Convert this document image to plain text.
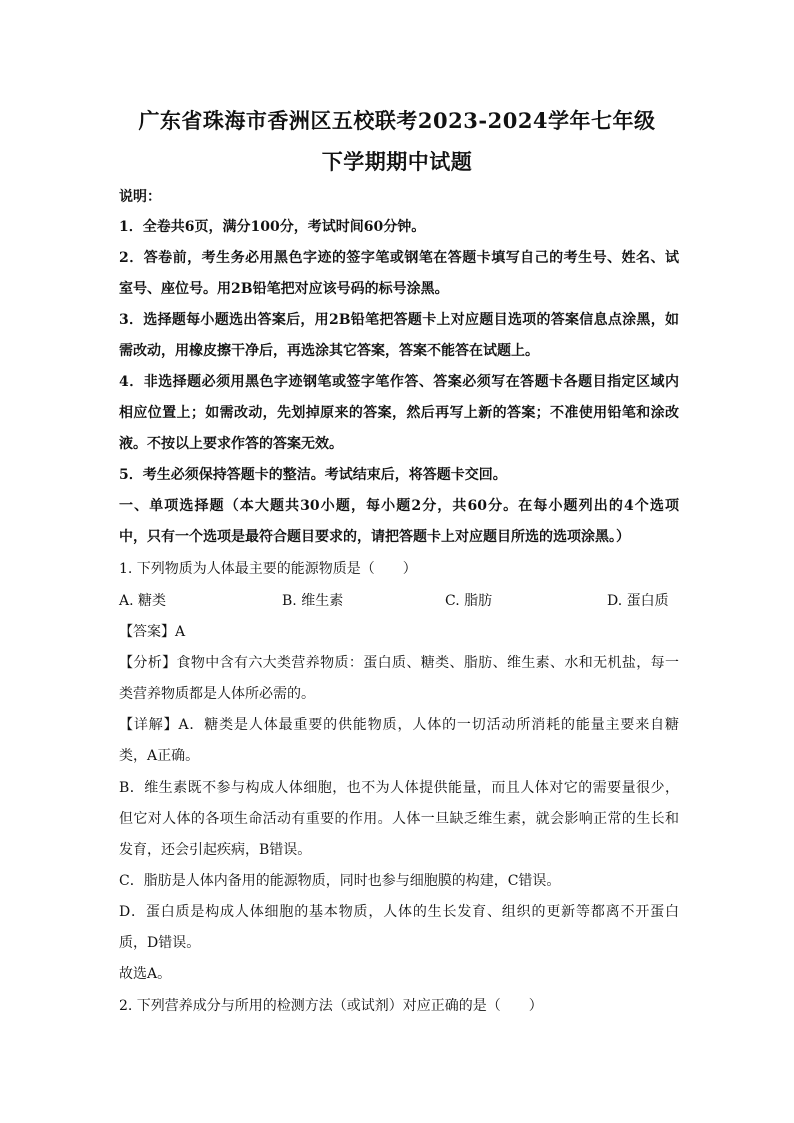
广东省珠海市香洲区五校联考2023-2024学年七年级
下学期期中试题
说明：
1．全卷共6页，满分100分，考试时间60分钟。
2．答卷前，考生务必用黑色字迹的签字笔或钢笔在答题卡填写自己的考生号、姓名、试
室号、座位号。用2B铅笔把对应该号码的标号涂黑。
3．选择题每小题选出答案后，用2B铅笔把答题卡上对应题目选项的答案信息点涂黑，如
需改动，用橡皮擦干净后，再选涂其它答案，答案不能答在试题上。
4．非选择题必须用黑色字迹钢笔或签字笔作答、答案必须写在答题卡各题目指定区域内
相应位置上；如需改动，先划掉原来的答案，然后再写上新的答案；不准使用铅笔和涂改
液。不按以上要求作答的答案无效。
5．考生必须保持答题卡的整洁。考试结束后，将答题卡交回。
一、单项选择题（本大题共30小题，每小题2分，共60分。在每小题列出的4个选项
中，只有一个选项是最符合题目要求的，请把答题卡上对应题目所选的选项涂黑。）
1. 下列物质为人体最主要的能源物质是（　　）
A. 糖类	B. 维生素	C. 脂肪	D. 蛋白质
【答案】A
【分析】食物中含有六大类营养物质：蛋白质、糖类、脂肪、维生素、水和无机盐，每一
类营养物质都是人体所必需的。
【详解】A．糖类是人体最重要的供能物质，人体的一切活动所消耗的能量主要来自糖
类，A正确。
B．维生素既不参与构成人体细胞，也不为人体提供能量，而且人体对它的需要量很少，
但它对人体的各项生命活动有重要的作用。人体一旦缺乏维生素，就会影响正常的生长和
发育，还会引起疾病，B错误。
C．脂肪是人体内备用的能源物质，同时也参与细胞膜的构建，C错误。
D．蛋白质是构成人体细胞的基本物质，人体的生长发育、组织的更新等都离不开蛋白
质，D错误。
故选A。
2. 下列营养成分与所用的检测方法（或试剂）对应正确的是（　　）
